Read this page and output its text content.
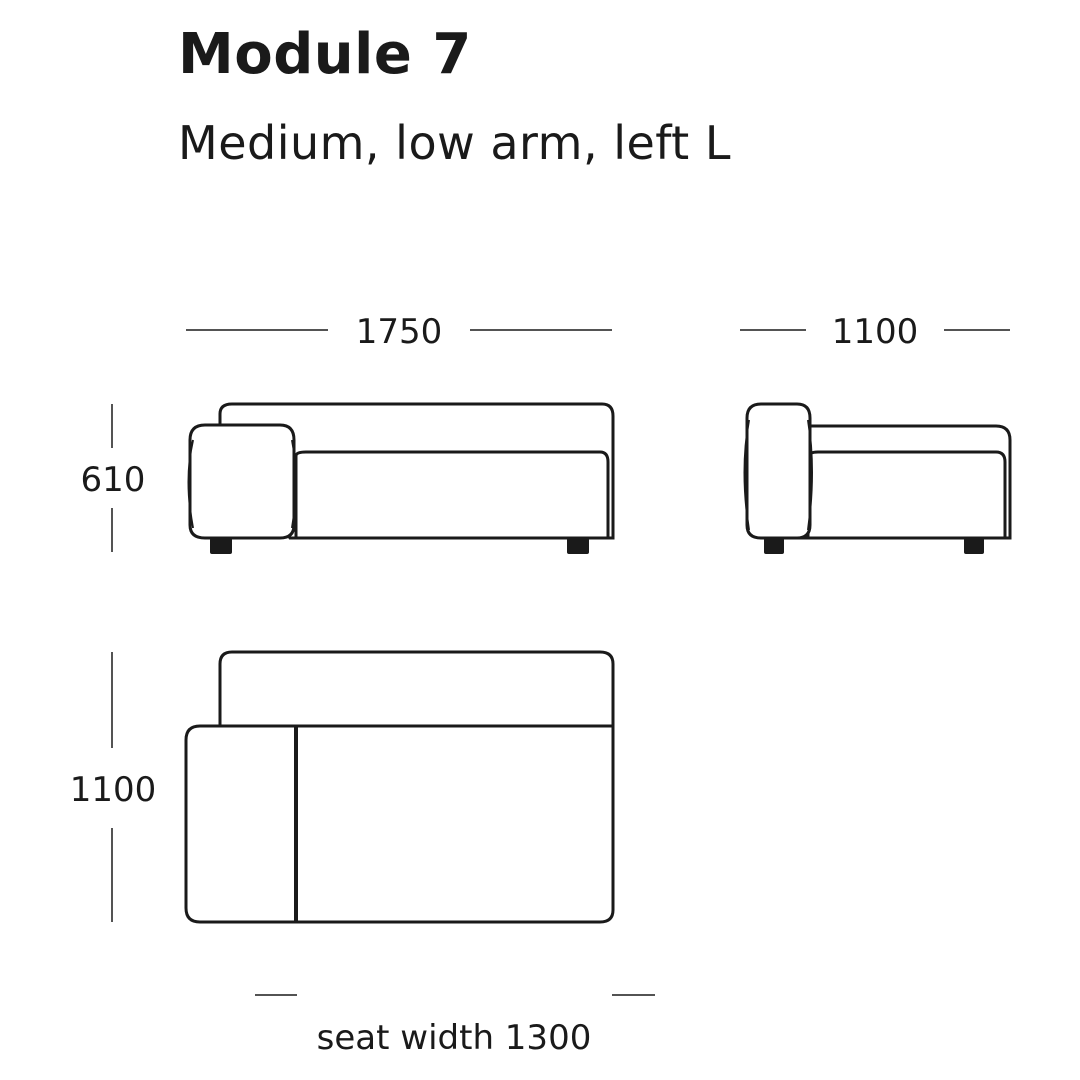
Module 7

Medium, low arm, left L

1750	1100
610
1100
seat width 1300
